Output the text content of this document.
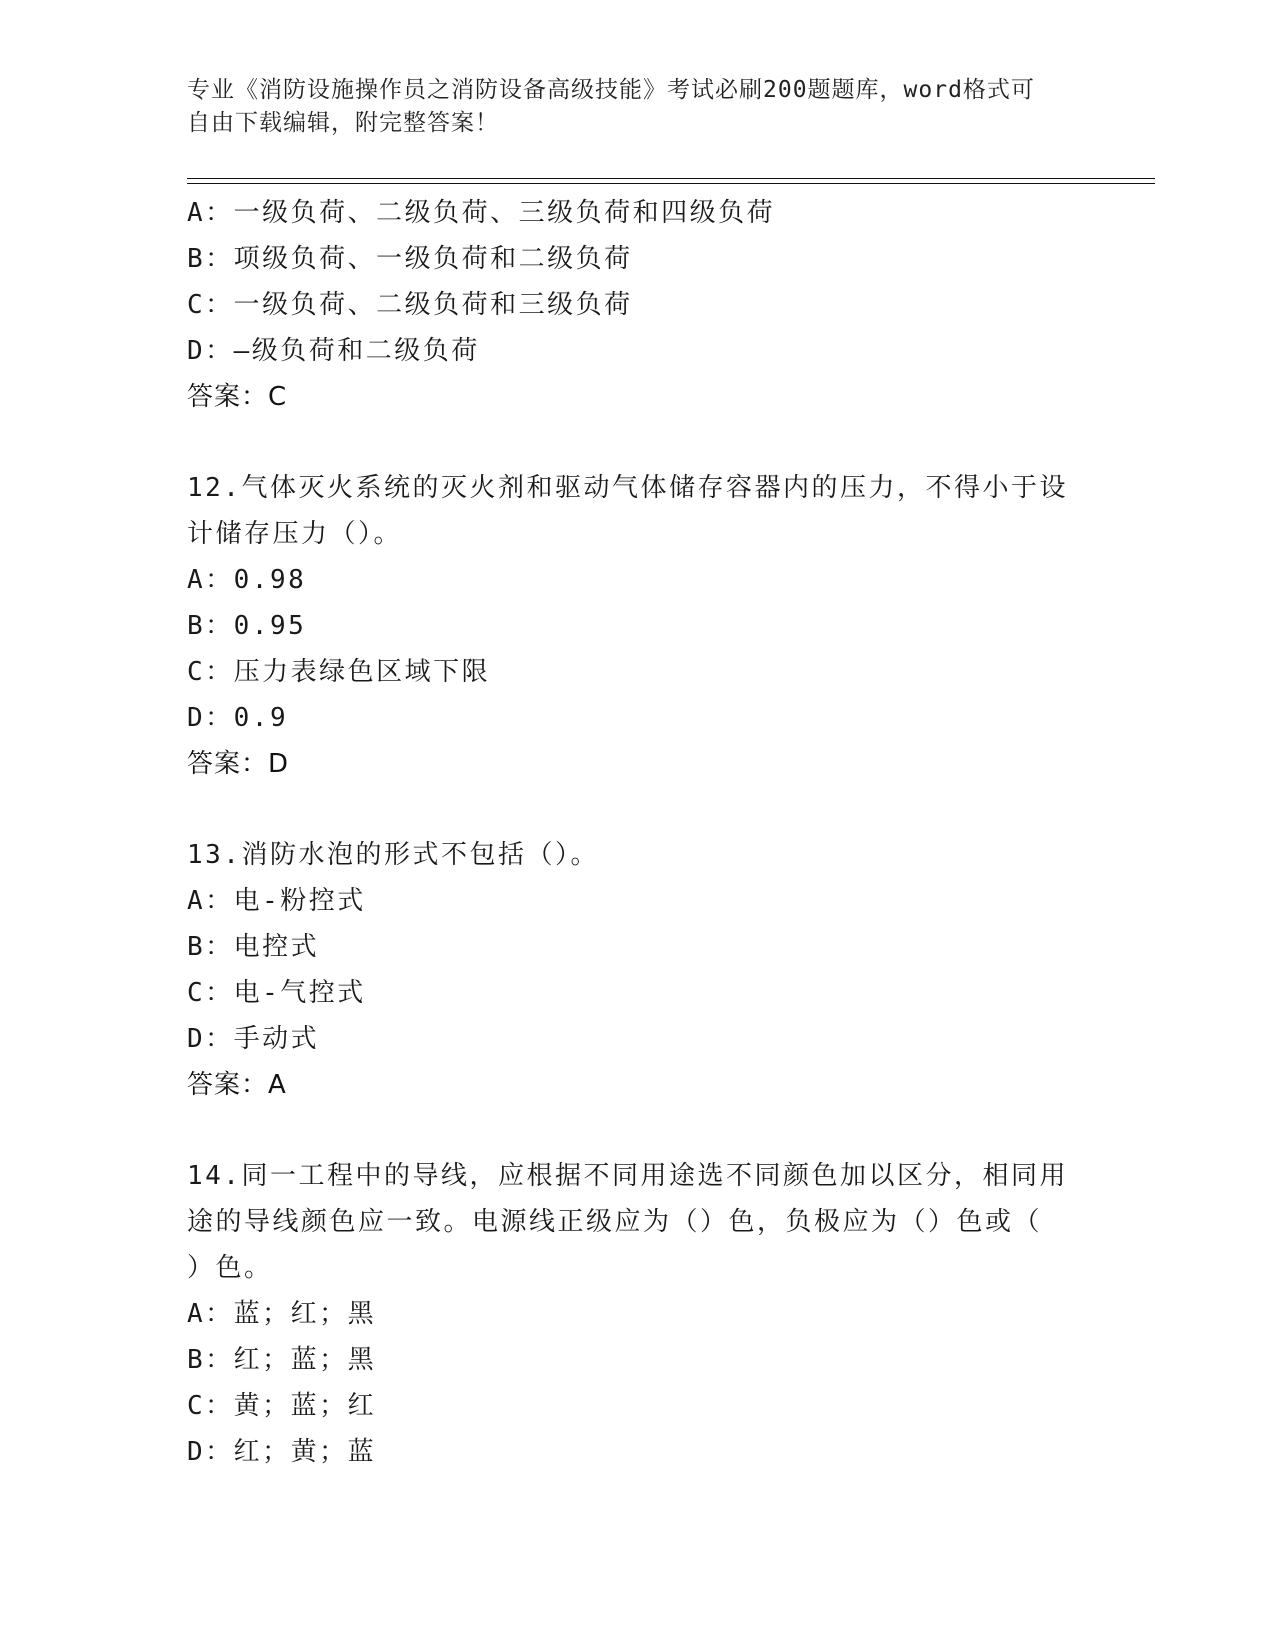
专业《消防设施操作员之消防设备高级技能》考试必刷200题题库，word格式可
自由下载编辑，附完整答案！
A：一级负荷、二级负荷、三级负荷和四级负荷
B：项级负荷、一级负荷和二级负荷
C：一级负荷、二级负荷和三级负荷
D：—级负荷和二级负荷
答案：C
12.气体灭火系统的灭火剂和驱动气体储存容器内的压力，不得小于设
计储存压力（）。
A：0.98
B：0.95
C：压力表绿色区域下限
D：0.9
答案：D
13.消防水泡的形式不包括（）。
A：电-粉控式
B：电控式
C：电-气控式
D：手动式
答案：A
14.同一工程中的导线，应根据不同用途选不同颜色加以区分，相同用
途的导线颜色应一致。电源线正级应为（）色，负极应为（）色或（
）色。
A：蓝；红；黑
B：红；蓝；黑
C：黄；蓝；红
D：红；黄；蓝
